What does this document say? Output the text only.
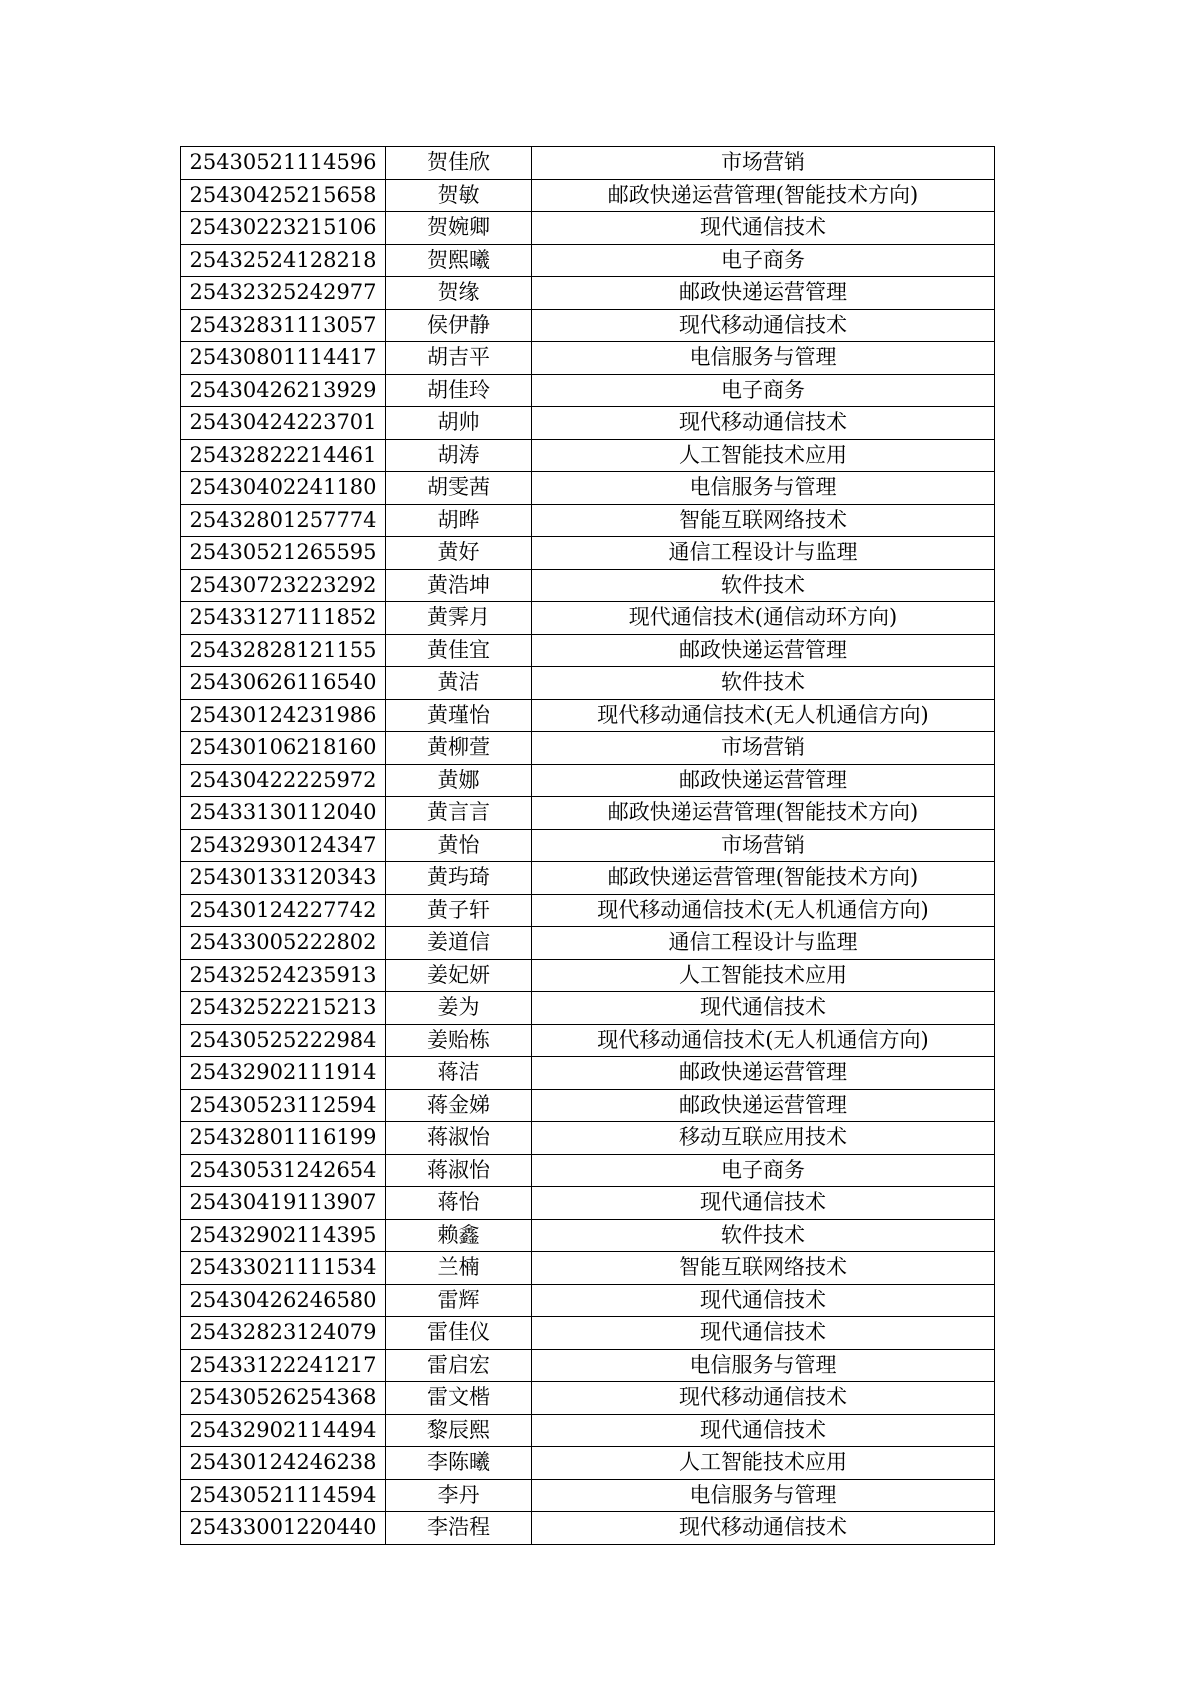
25430521114596	贺佳欣	市场营销
25430425215658	贺敏	邮政快递运营管理(智能技术方向)
25430223215106	贺婉卿	现代通信技术
25432524128218	贺熙曦	电子商务
25432325242977	贺缘	邮政快递运营管理
25432831113057	侯伊静	现代移动通信技术
25430801114417	胡吉平	电信服务与管理
25430426213929	胡佳玲	电子商务
25430424223701	胡帅	现代移动通信技术
25432822214461	胡涛	人工智能技术应用
25430402241180	胡雯茜	电信服务与管理
25432801257774	胡晔	智能互联网络技术
25430521265595	黄好	通信工程设计与监理
25430723223292	黄浩坤	软件技术
25433127111852	黄霁月	现代通信技术(通信动环方向)
25432828121155	黄佳宜	邮政快递运营管理
25430626116540	黄洁	软件技术
25430124231986	黄瑾怡	现代移动通信技术(无人机通信方向)
25430106218160	黄柳萱	市场营销
25430422225972	黄娜	邮政快递运营管理
25433130112040	黄言言	邮政快递运营管理(智能技术方向)
25432930124347	黄怡	市场营销
25430133120343	黄玙琦	邮政快递运营管理(智能技术方向)
25430124227742	黄子轩	现代移动通信技术(无人机通信方向)
25433005222802	姜道信	通信工程设计与监理
25432524235913	姜妃妍	人工智能技术应用
25432522215213	姜为	现代通信技术
25430525222984	姜贻栋	现代移动通信技术(无人机通信方向)
25432902111914	蒋洁	邮政快递运营管理
25430523112594	蒋金娣	邮政快递运营管理
25432801116199	蒋淑怡	移动互联应用技术
25430531242654	蒋淑怡	电子商务
25430419113907	蒋怡	现代通信技术
25432902114395	赖鑫	软件技术
25433021111534	兰楠	智能互联网络技术
25430426246580	雷辉	现代通信技术
25432823124079	雷佳仪	现代通信技术
25433122241217	雷启宏	电信服务与管理
25430526254368	雷文楷	现代移动通信技术
25432902114494	黎辰熙	现代通信技术
25430124246238	李陈曦	人工智能技术应用
25430521114594	李丹	电信服务与管理
25433001220440	李浩程	现代移动通信技术
